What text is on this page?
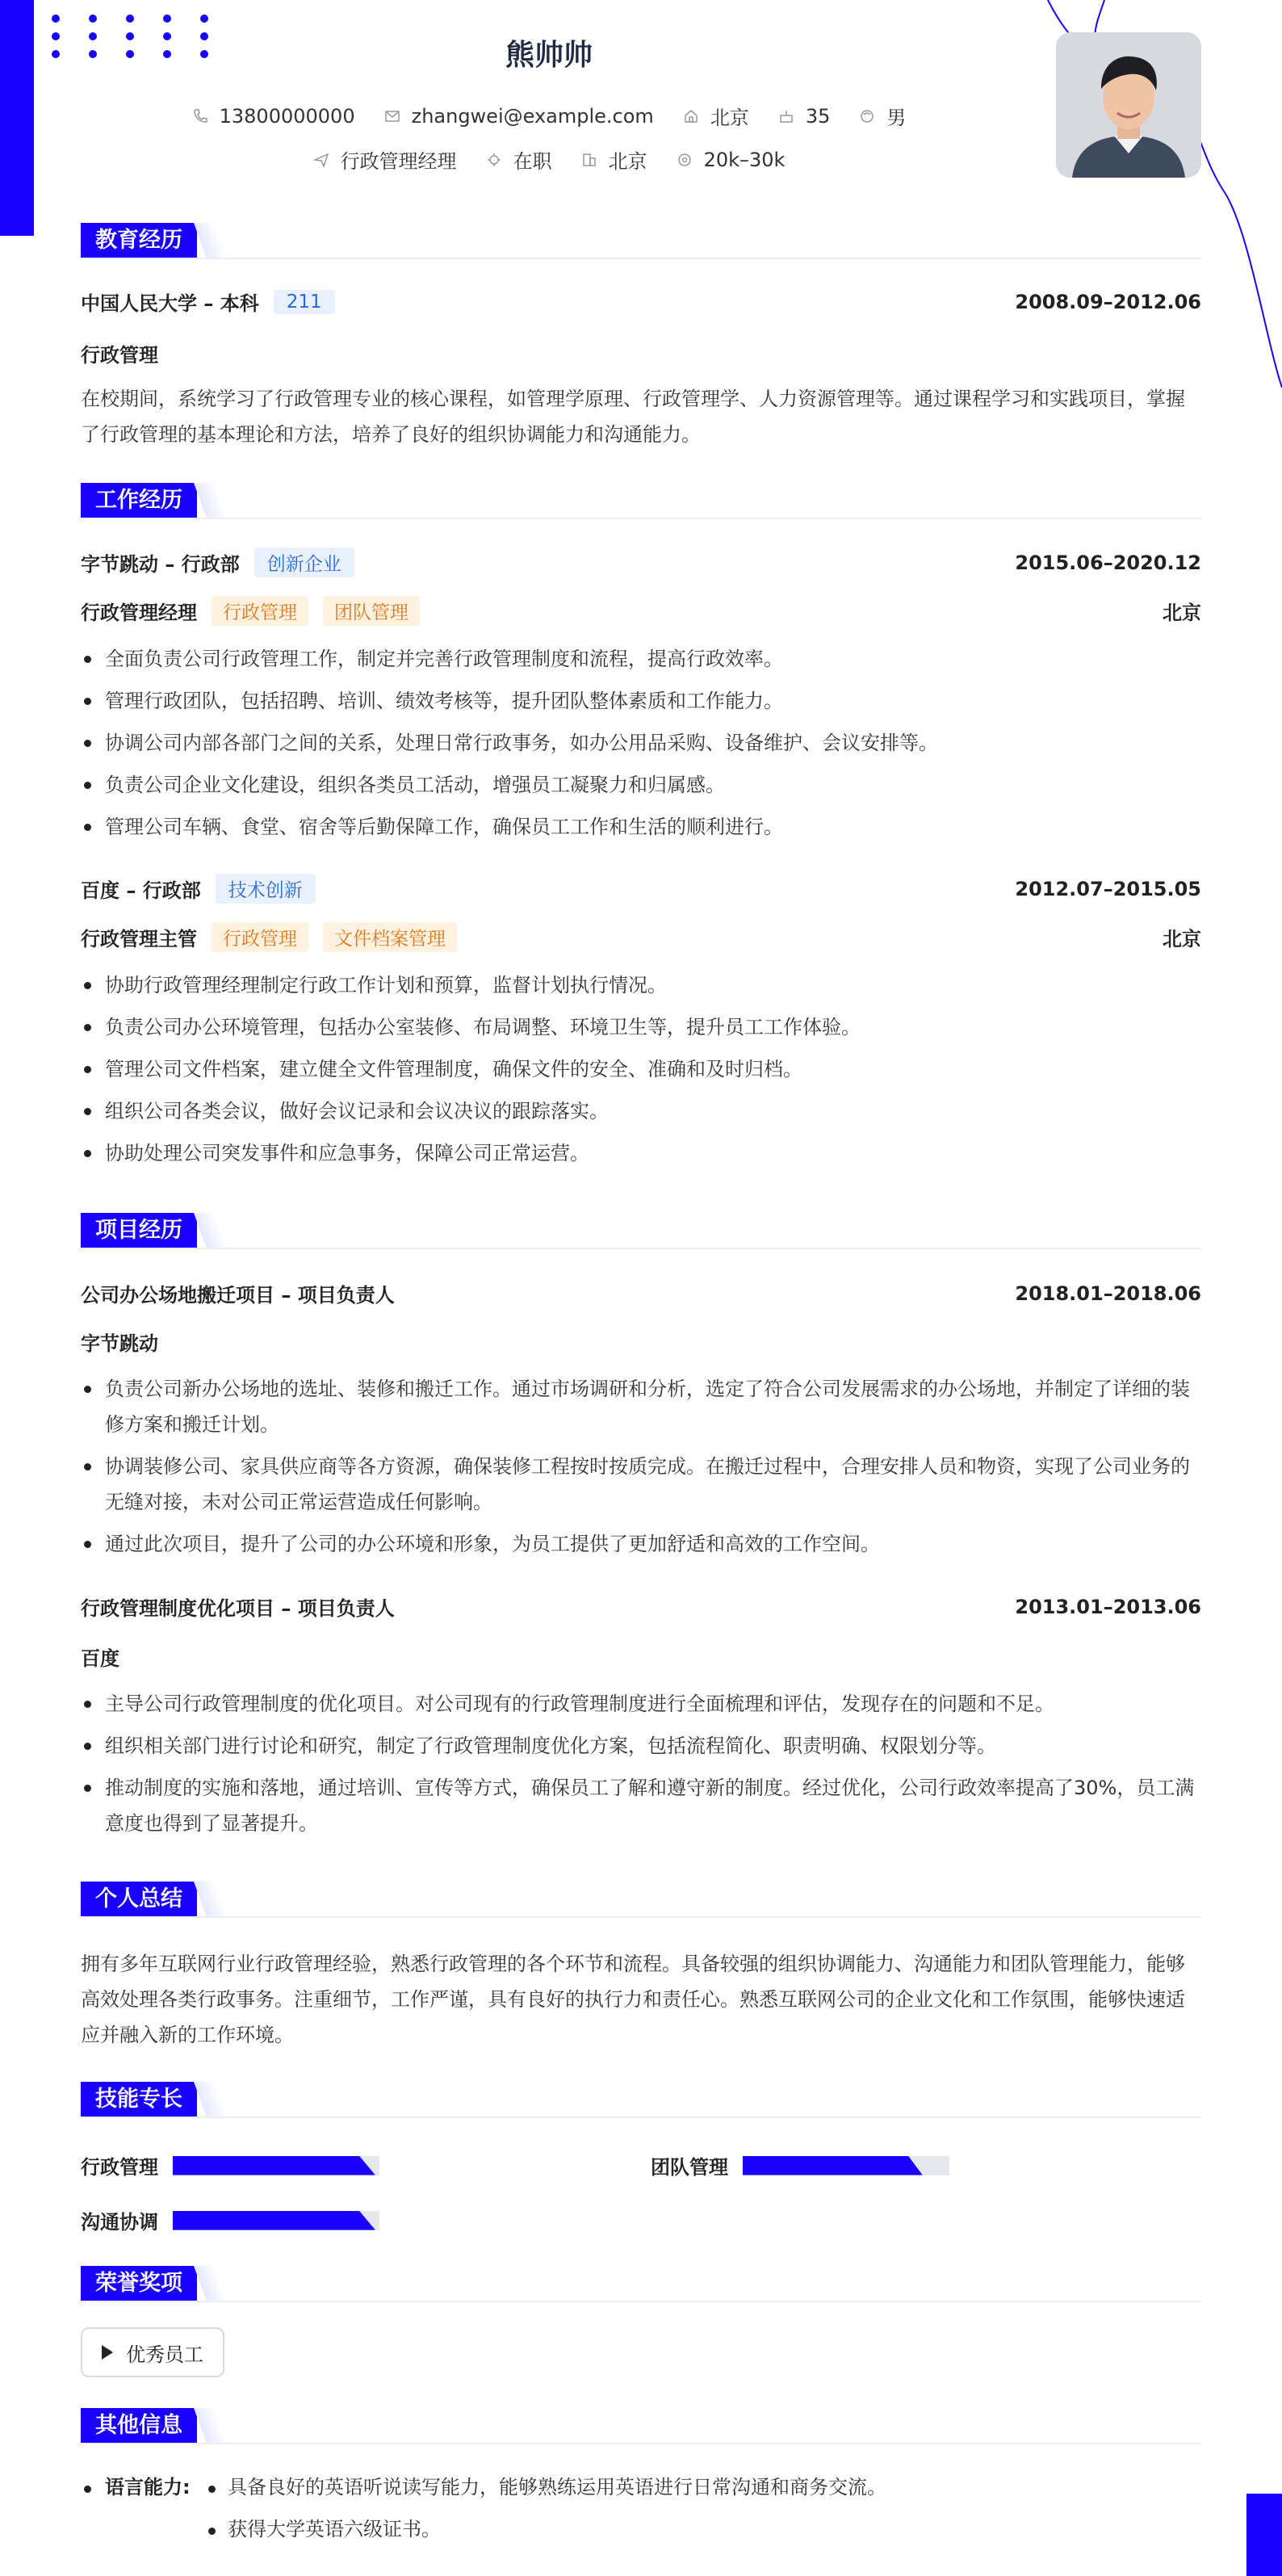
熊帅帅
13800000000	zhangwei@example.com	北京	35	男
行政管理经理	在职	北京	20k–30k
教育经历
中国人民大学 – 本科	211	2008.09–2012.06
行政管理
在校期间，系统学习了行政管理专业的核心课程，如管理学原理、行政管理学、人力资源管理等。通过课程学习和实践项目，掌握了行政管理的基本理论和方法，培养了良好的组织协调能力和沟通能力。
工作经历
字节跳动 – 行政部	创新企业	2015.06–2020.12
行政管理经理	行政管理	团队管理	北京
全面负责公司行政管理工作，制定并完善行政管理制度和流程，提高行政效率。
管理行政团队，包括招聘、培训、绩效考核等，提升团队整体素质和工作能力。
协调公司内部各部门之间的关系，处理日常行政事务，如办公用品采购、设备维护、会议安排等。
负责公司企业文化建设，组织各类员工活动，增强员工凝聚力和归属感。
管理公司车辆、食堂、宿舍等后勤保障工作，确保员工工作和生活的顺利进行。
百度 – 行政部	技术创新	2012.07–2015.05
行政管理主管	行政管理	文件档案管理	北京
协助行政管理经理制定行政工作计划和预算，监督计划执行情况。
负责公司办公环境管理，包括办公室装修、布局调整、环境卫生等，提升员工工作体验。
管理公司文件档案，建立健全文件管理制度，确保文件的安全、准确和及时归档。
组织公司各类会议，做好会议记录和会议决议的跟踪落实。
协助处理公司突发事件和应急事务，保障公司正常运营。
项目经历
公司办公场地搬迁项目 – 项目负责人	2018.01–2018.06
字节跳动
负责公司新办公场地的选址、装修和搬迁工作。通过市场调研和分析，选定了符合公司发展需求的办公场地，并制定了详细的装修方案和搬迁计划。
协调装修公司、家具供应商等各方资源，确保装修工程按时按质完成。在搬迁过程中，合理安排人员和物资，实现了公司业务的无缝对接，未对公司正常运营造成任何影响。
通过此次项目，提升了公司的办公环境和形象，为员工提供了更加舒适和高效的工作空间。
行政管理制度优化项目 – 项目负责人	2013.01–2013.06
百度
主导公司行政管理制度的优化项目。对公司现有的行政管理制度进行全面梳理和评估，发现存在的问题和不足。
组织相关部门进行讨论和研究，制定了行政管理制度优化方案，包括流程简化、职责明确、权限划分等。
推动制度的实施和落地，通过培训、宣传等方式，确保员工了解和遵守新的制度。经过优化，公司行政效率提高了30%，员工满意度也得到了显著提升。
个人总结
拥有多年互联网行业行政管理经验，熟悉行政管理的各个环节和流程。具备较强的组织协调能力、沟通能力和团队管理能力，能够高效处理各类行政事务。注重细节，工作严谨，具有良好的执行力和责任心。熟悉互联网公司的企业文化和工作氛围，能够快速适应并融入新的工作环境。
技能专长
行政管理	团队管理
沟通协调
荣誉奖项
优秀员工
其他信息
语言能力: 具备良好的英语听说读写能力，能够熟练运用英语进行日常沟通和商务交流。
获得大学英语六级证书。
